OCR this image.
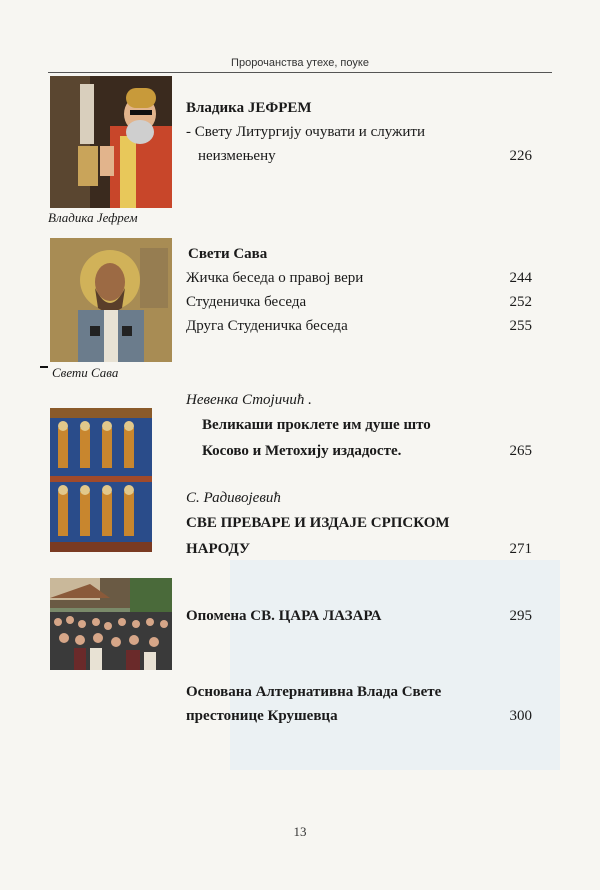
Пророчанства утехе, поуке
Владика Јефрем
Свети Сава
Владика ЈЕФРЕМ
- Свету Литургију очувати и служити
неизмењену	226
Свети Сава
Жичка беседа о правој вери	244
Студеничка беседа	252
Друга Студеничка беседа	255
Невенка Стојичић .
Великаши проклете им душе што
Косово и Метохију издадосте.	265
С. Радивојевић
СВЕ ПРЕВАРЕ И ИЗДАЈЕ СРПСКОМ
НАРОДУ	271
Опомена СВ. ЦАРА ЛАЗАРА	295
Основана Алтернативна Влада Свете
престонице Крушевца	300
13
